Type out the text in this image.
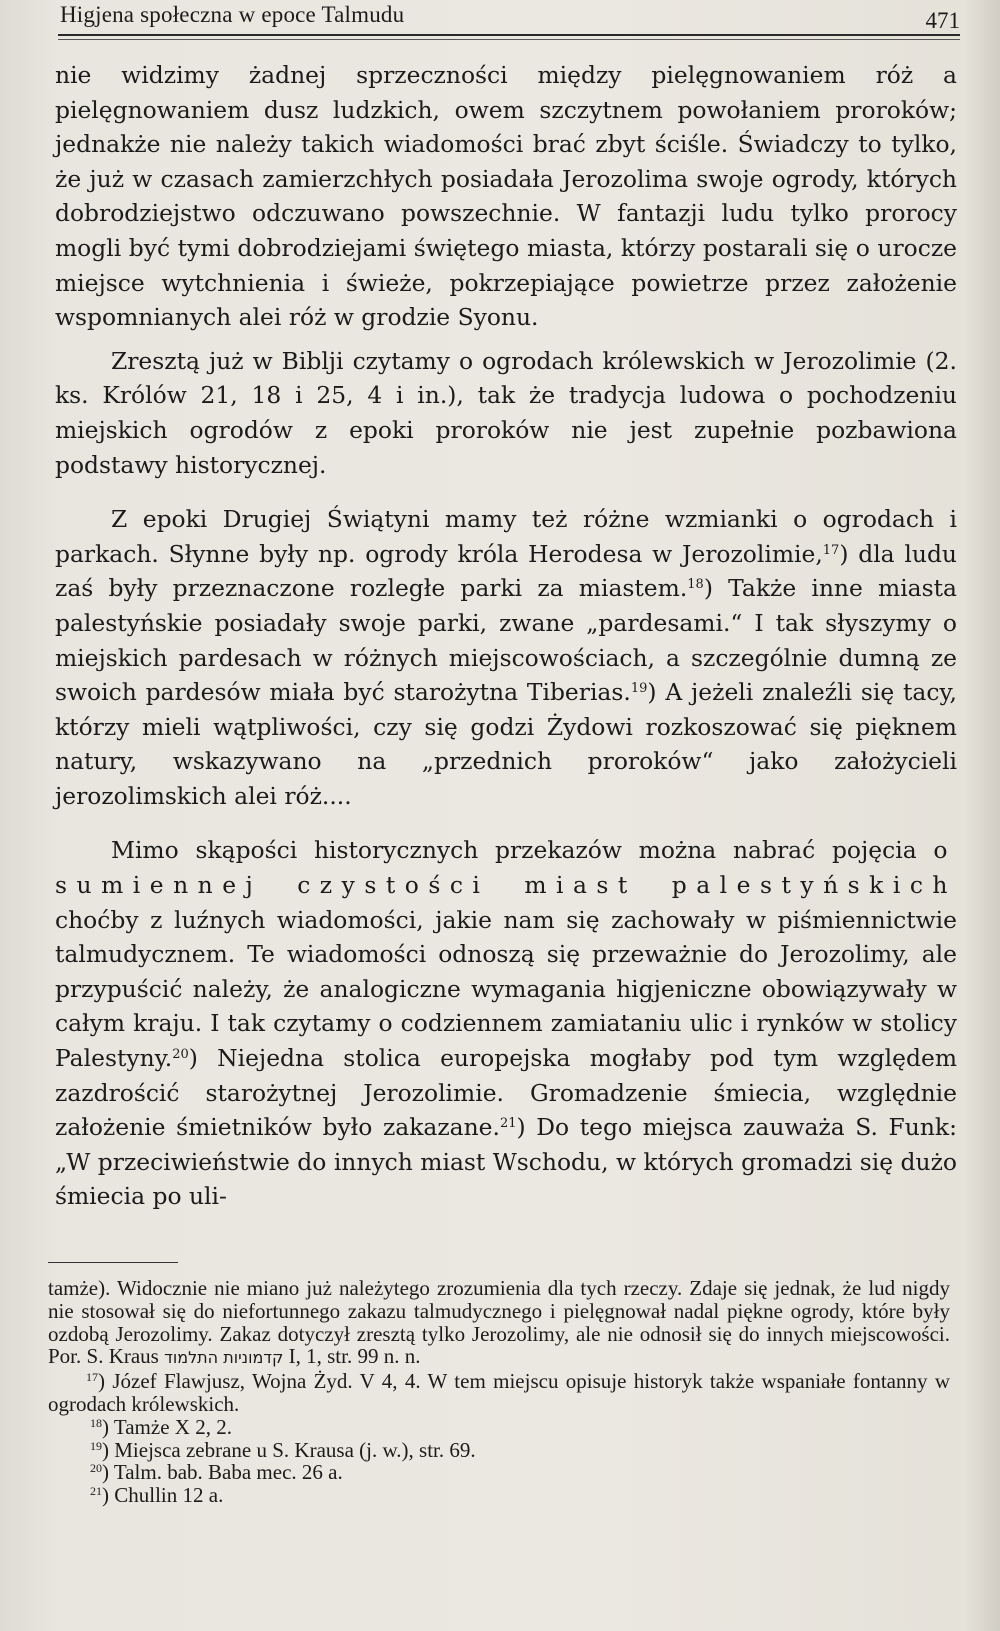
Higjena społeczna w epoce Talmudu	471

nie widzimy żadnej sprzeczności między pielęgnowaniem róż a pielęgnowaniem dusz ludzkich, owem szczytnem powołaniem proroków; jednakże nie należy takich wiadomości brać zbyt ściśle. Świadczy to tylko, że już w czasach zamierzchłych posiadała Jerozolima swoje ogrody, których dobrodziejstwo odczuwano powszechnie. W fantazji ludu tylko prorocy mogli być tymi dobrodziejami świętego miasta, którzy postarali się o urocze miejsce wytchnienia i świeże, pokrzepiające powietrze przez założenie wspomnianych alei róż w grodzie Syonu.

Zresztą już w Biblji czytamy o ogrodach królewskich w Jerozolimie (2. ks. Królów 21, 18 i 25, 4 i in.), tak że tradycja ludowa o pochodzeniu miejskich ogrodów z epoki proroków nie jest zupełnie pozbawiona podstawy historycznej.

Z epoki Drugiej Świątyni mamy też różne wzmianki o ogrodach i parkach. Słynne były np. ogrody króla Herodesa w Jerozolimie,$^{17}$) dla ludu zaś były przeznaczone rozległe parki za miastem.$^{18}$) Także inne miasta palestyńskie posiadały swoje parki, zwane „pardesami.“ I tak słyszymy o miejskich pardesach w różnych miejscowościach, a szczególnie dumną ze swoich pardesów miała być starożytna Tiberias.$^{19}$) A jeżeli znaleźli się tacy, którzy mieli wątpliwości, czy się godzi Żydowi rozkoszować się pięknem natury, wskazywano na „przednich proroków“ jako założycieli jerozolimskich alei róż....

Mimo skąpości historycznych przekazów można nabrać pojęcia o sumiennej czystości miast palestyńskich choćby z luźnych wiadomości, jakie nam się zachowały w piśmiennictwie talmudycznem. Te wiadomości odnoszą się przeważnie do Jerozolimy, ale przypuścić należy, że analogiczne wymagania higjeniczne obowiązywały w całym kraju. I tak czytamy o codziennem zamiataniu ulic i rynków w stolicy Palestyny.$^{20}$) Niejedna stolica europejska mogłaby pod tym względem zazdrościć starożytnej Jerozolimie. Gromadzenie śmiecia, względnie założenie śmietników było zakazane.$^{21}$) Do tego miejsca zauważa S. Funk: „W przeciwieństwie do innych miast Wschodu, w których gromadzi się dużo śmiecia po uli-

tamże). Widocznie nie miano już należytego zrozumienia dla tych rzeczy. Zdaje się jednak, że lud nigdy nie stosował się do niefortunnego zakazu talmudycznego i pielęgnował nadal piękne ogrody, które były ozdobą Jerozolimy. Zakaz dotyczył zresztą tylko Jerozolimy, ale nie odnosił się do innych miejscowości. Por. S. Kraus קדמוניות התלמוד I, 1, str. 99 n. n.

$^{17}$) Józef Flawjusz, Wojna Żyd. V 4, 4. W tem miejscu opisuje historyk także wspaniałe fontanny w ogrodach królewskich.

$^{18}$) Tamże X 2, 2.

$^{19}$) Miejsca zebrane u S. Krausa (j. w.), str. 69.

$^{20}$) Talm. bab. Baba mec. 26 a.

$^{21}$) Chullin 12 a.
